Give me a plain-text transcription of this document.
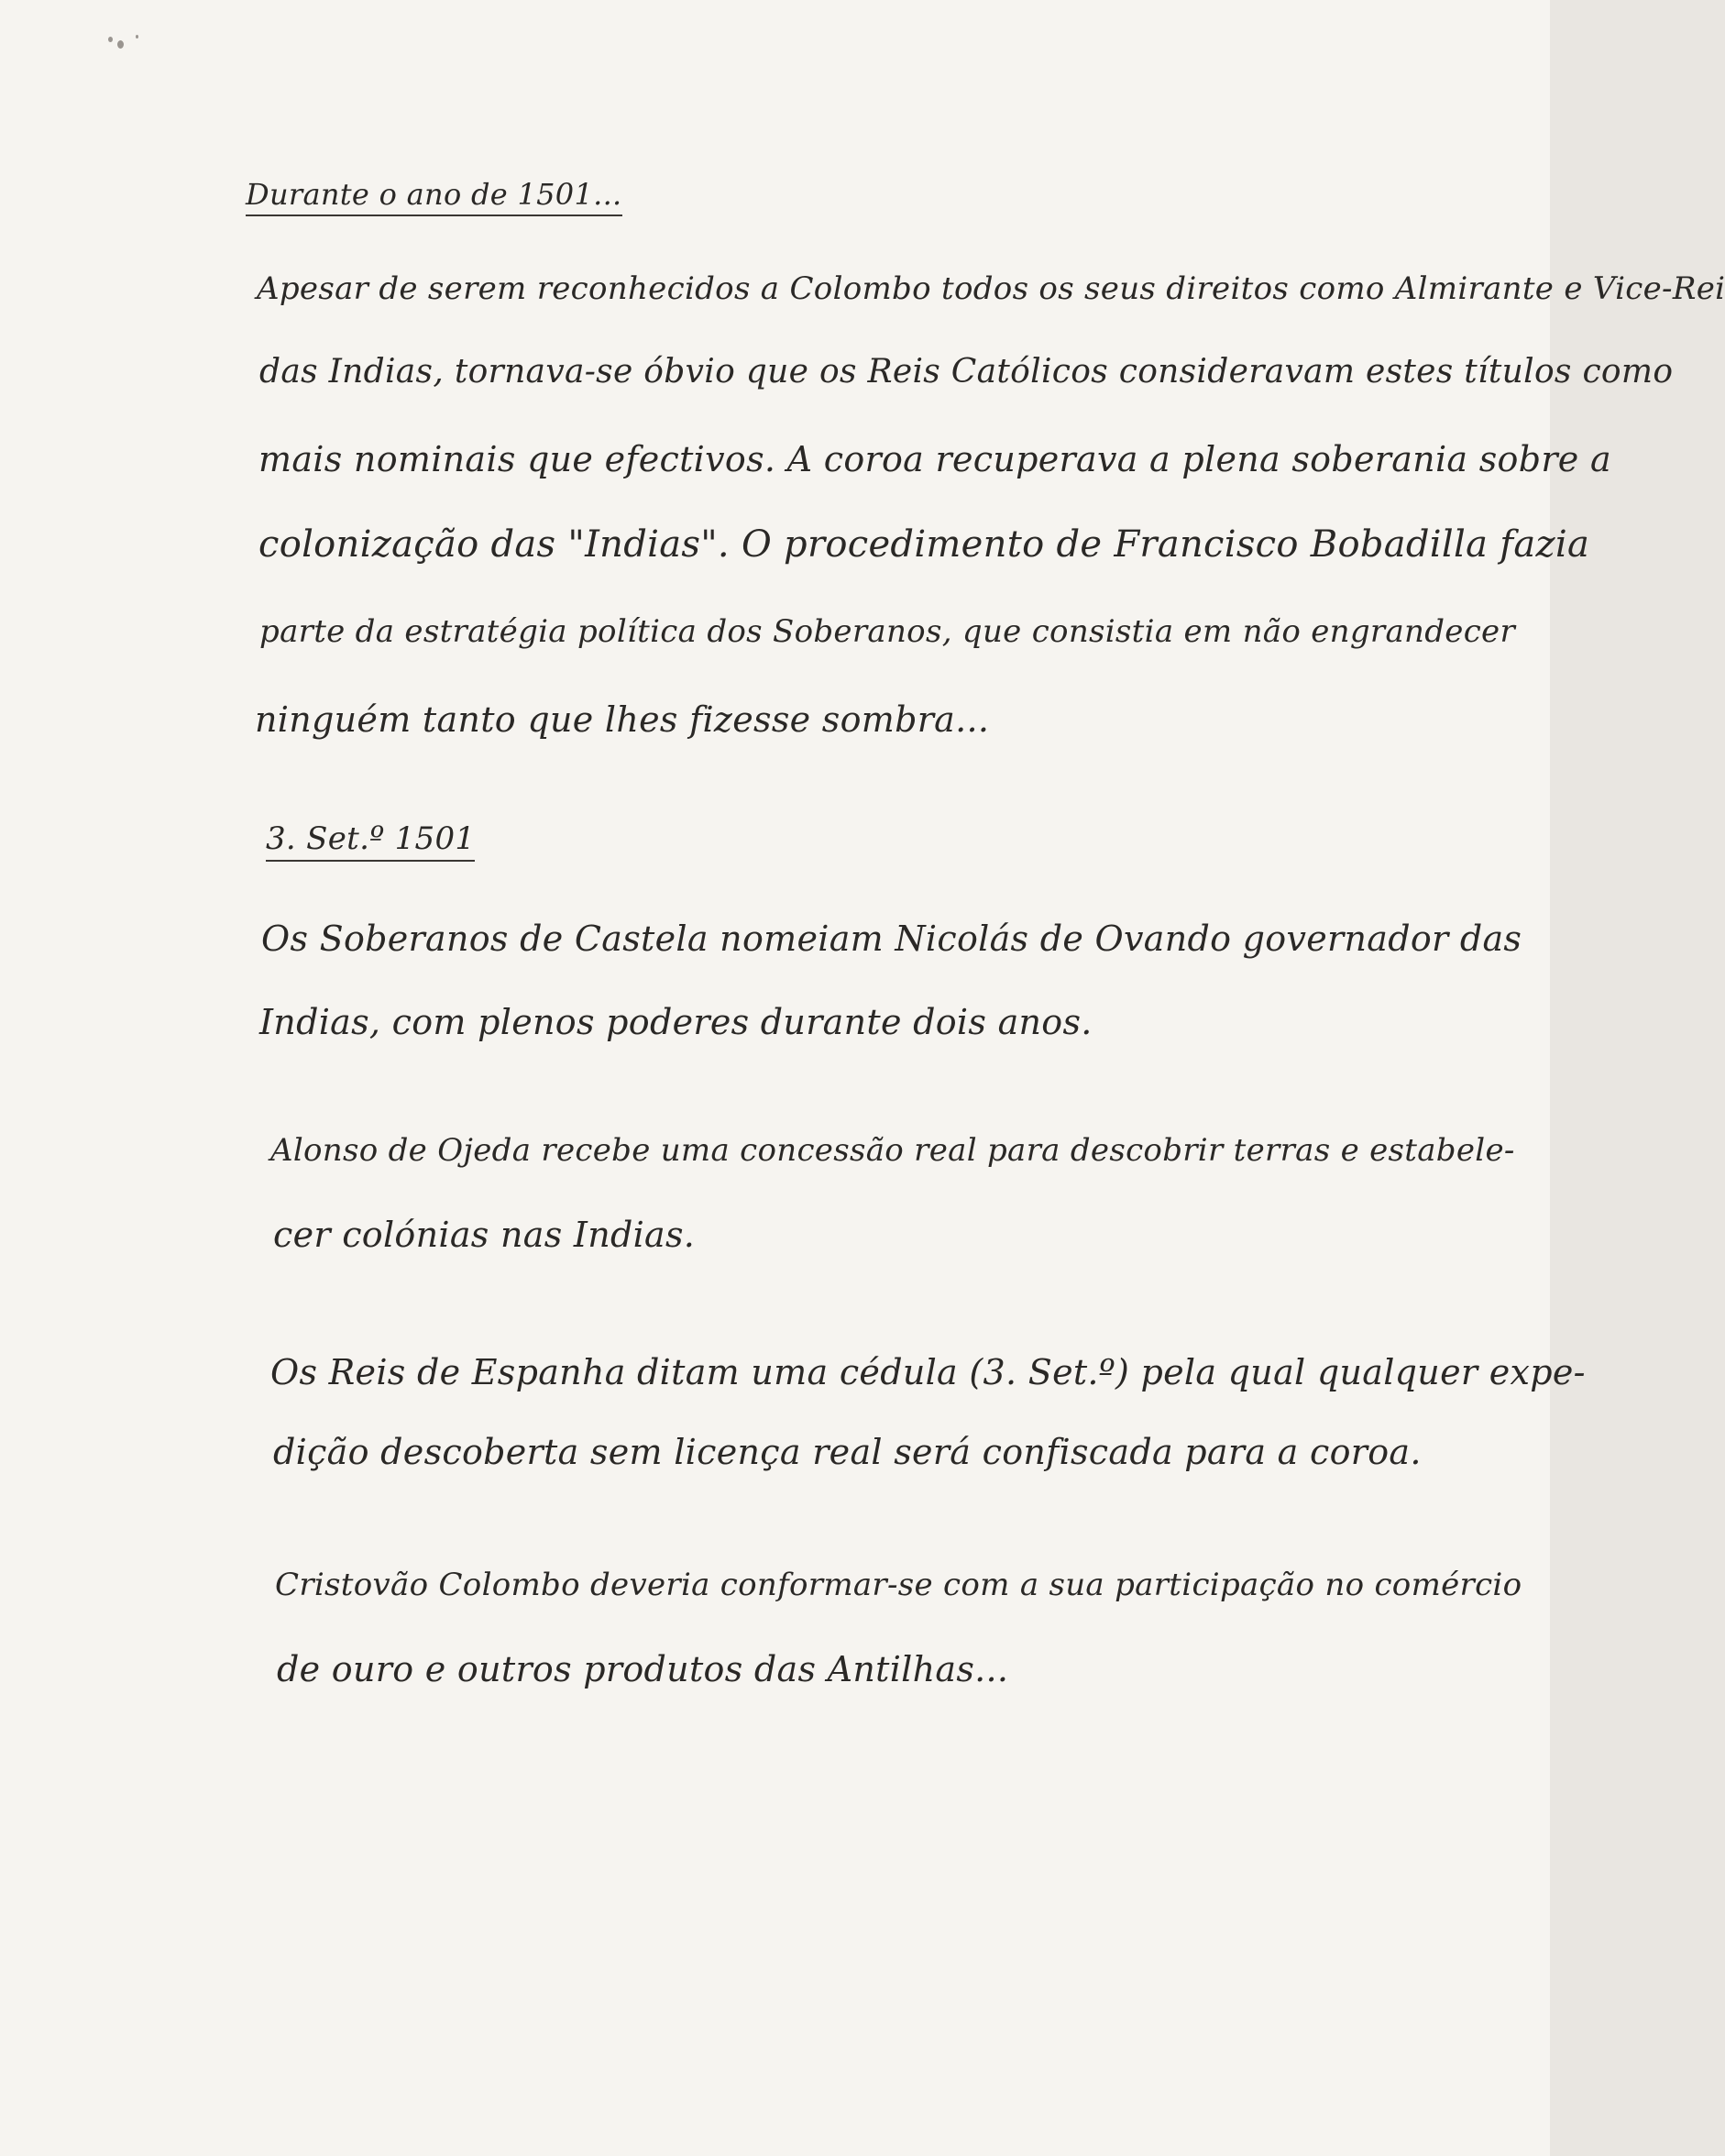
Durante o ano de 1501...
Apesar de serem reconhecidos a Colombo todos os seus direitos como Almirante e Vice-Rei
das Indias, tornava-se óbvio que os Reis Católicos consideravam estes títulos como
mais nominais que efectivos. A coroa recuperava a plena soberania sobre a
colonização das "Indias". O procedimento de Francisco Bobadilla fazia
parte da estratégia política dos Soberanos, que consistia em não engrandecer
ninguém tanto que lhes fizesse sombra...
3. Set.º 1501
Os Soberanos de Castela nomeiam Nicolás de Ovando governador das
Indias, com plenos poderes durante dois anos.
Alonso de Ojeda recebe uma concessão real para descobrir terras e estabele-
cer colónias nas Indias.
Os Reis de Espanha ditam uma cédula (3. Set.º) pela qual qualquer expe-
dição descoberta sem licença real será confiscada para a coroa.
Cristovão Colombo deveria conformar-se com a sua participação no comércio
de ouro e outros produtos das Antilhas...
